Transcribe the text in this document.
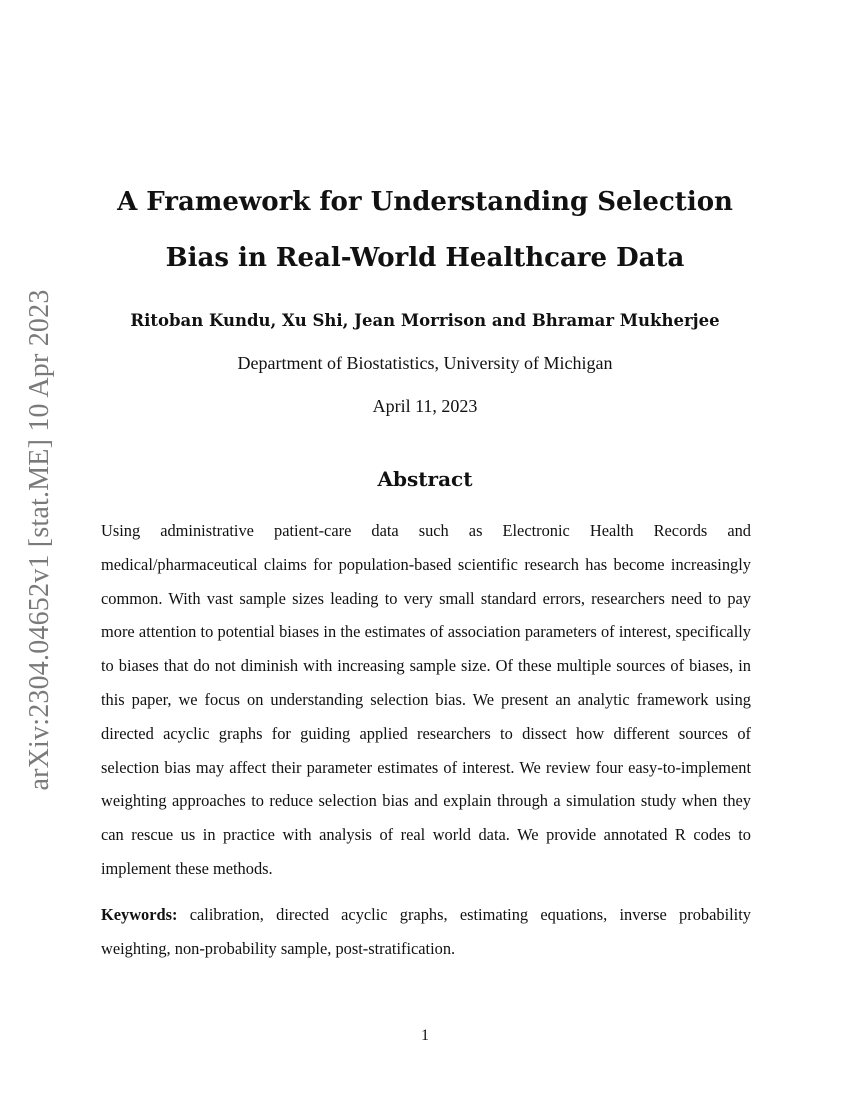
arXiv:2304.04652v1 [stat.ME] 10 Apr 2023
A Framework for Understanding Selection Bias in Real-World Healthcare Data

Ritoban Kundu, Xu Shi, Jean Morrison and Bhramar Mukherjee

Department of Biostatistics, University of Michigan

April 11, 2023

Abstract

Using administrative patient-care data such as Electronic Health Records and medical/pharmaceutical claims for population-based scientific research has become increasingly common. With vast sample sizes leading to very small standard errors, researchers need to pay more attention to potential biases in the estimates of association parameters of interest, specifically to biases that do not diminish with increasing sample size. Of these multiple sources of biases, in this paper, we focus on understanding selection bias. We present an analytic framework using directed acyclic graphs for guiding applied researchers to dissect how different sources of selection bias may affect their parameter estimates of interest. We review four easy-to-implement weighting approaches to reduce selection bias and explain through a simulation study when they can rescue us in practice with analysis of real world data. We provide annotated R codes to implement these methods.

Keywords: calibration, directed acyclic graphs, estimating equations, inverse probability weighting, non-probability sample, post-stratification.

1
